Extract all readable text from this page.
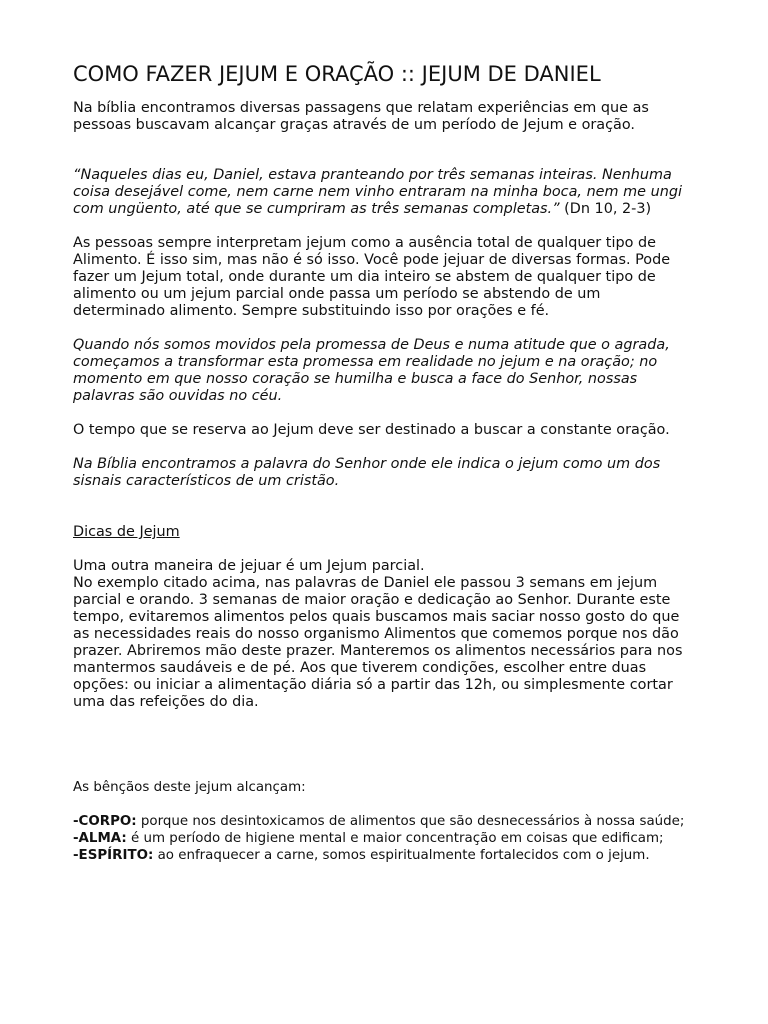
COMO FAZER JEJUM E ORAÇÃO :: JEJUM DE DANIEL

Na bíblia encontramos diversas passagens que relatam experiências em que as pessoas buscavam alcançar graças através de um período de Jejum e oração.

“Naqueles dias eu, Daniel, estava pranteando por três semanas inteiras. Nenhuma coisa desejável come, nem carne nem vinho entraram na minha boca, nem me ungi com ungüento, até que se cumpriram as três semanas completas.” (Dn 10, 2-3)

As pessoas sempre interpretam jejum como a ausência total de qualquer tipo de Alimento. É isso sim, mas não é só isso. Você pode jejuar de diversas formas. Pode fazer um Jejum total, onde durante um dia inteiro se abstem de qualquer tipo de alimento ou um jejum parcial onde passa um período se abstendo de um determinado alimento. Sempre substituindo isso por orações e fé.

Quando nós somos movidos pela promessa de Deus e numa atitude que o agrada, começamos a transformar esta promessa em realidade no jejum e na oração; no momento em que nosso coração se humilha e busca a face do Senhor, nossas palavras são ouvidas no céu.

O tempo que se reserva ao Jejum deve ser destinado a buscar a constante oração.

Na Bíblia encontramos a palavra do Senhor onde ele indica o jejum como um dos sisnais característicos de um cristão.

Dicas de Jejum

Uma outra maneira de jejuar é um Jejum parcial.

No exemplo citado acima, nas palavras de Daniel ele passou 3 semans em jejum parcial e orando. 3 semanas de maior oração e dedicação ao Senhor. Durante este tempo, evitaremos alimentos pelos quais buscamos mais saciar nosso gosto do que as necessidades reais do nosso organismo Alimentos que comemos porque nos dão prazer. Abriremos mão deste prazer. Manteremos os alimentos necessários para nos mantermos saudáveis e de pé. Aos que tiverem condições, escolher entre duas opções: ou iniciar a alimentação diária só a partir das 12h, ou simplesmente cortar uma das refeições do dia.

As bênçãos deste jejum alcançam:

-CORPO: porque nos desintoxicamos de alimentos que são desnecessários à nossa saúde;

-ALMA: é um período de higiene mental e maior concentração em coisas que edificam;

-ESPÍRITO: ao enfraquecer a carne, somos espiritualmente fortalecidos com o jejum.
